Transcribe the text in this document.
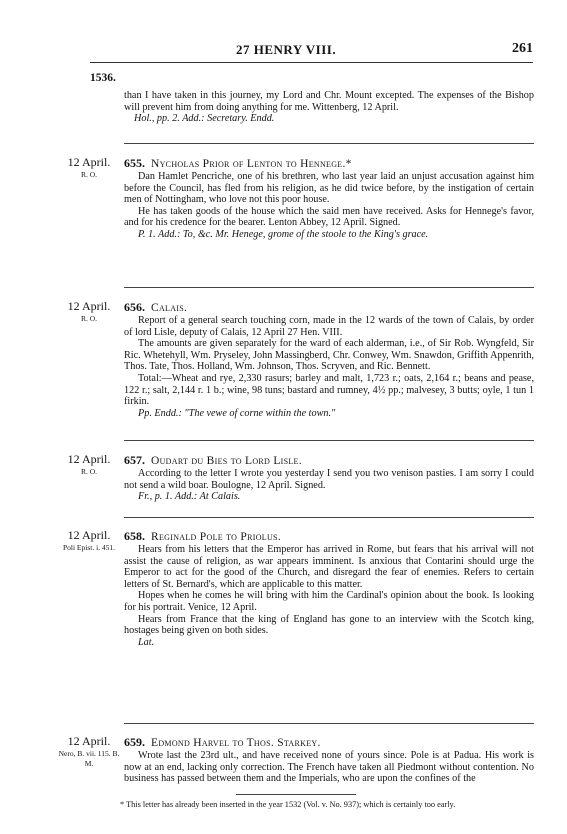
27 HENRY VIII.	261
1536.

than I have taken in this journey, my Lord and Chr. Mount excepted. The expenses of the Bishop will prevent him from doing anything for me. Wittenberg, 12 April.

Hol., pp. 2. Add.: Secretary. Endd.

12 April.
R. O.
655. Nycholas Prior of Lenton to Hennege.*

Dan Hamlet Pencriche, one of his brethren, who last year laid an unjust accusation against him before the Council, has fled from his religion, as he did twice before, by the instigation of certain men of Nottingham, who love not this poor house.

He has taken goods of the house which the said men have received. Asks for Hennege's favor, and for his credence for the bearer. Lenton Abbey, 12 April. Signed.

P. 1. Add.: To, &c. Mr. Henege, grome of the stoole to the King's grace.

12 April.
R. O.
656. Calais.

Report of a general search touching corn, made in the 12 wards of the town of Calais, by order of lord Lisle, deputy of Calais, 12 April 27 Hen. VIII.

The amounts are given separately for the ward of each alderman, i.e., of Sir Rob. Wyngfeld, Sir Ric. Whetehyll, Wm. Pryseley, John Massingberd, Chr. Conwey, Wm. Snawdon, Griffith Appenrith, Thos. Tate, Thos. Holland, Wm. Johnson, Thos. Scryven, and Ric. Bennett.

Total:—Wheat and rye, 2,330 rasurs; barley and malt, 1,723 r.; oats, 2,164 r.; beans and pease, 122 r.; salt, 2,144 r. 1 b.; wine, 98 tuns; bastard and rumney, 4½ pp.; malvesey, 3 butts; oyle, 1 tun 1 firkin.

Pp. Endd.: "The vewe of corne within the town."

12 April.
R. O.
657. Oudart du Bies to Lord Lisle.

According to the letter I wrote you yesterday I send you two venison pasties. I am sorry I could not send a wild boar. Boulogne, 12 April. Signed.

Fr., p. 1. Add.: At Calais.

12 April.
Poli Epist. i. 451.
658. Reginald Pole to Priolus.

Hears from his letters that the Emperor has arrived in Rome, but fears that his arrival will not assist the cause of religion, as war appears imminent. Is anxious that Contarini should urge the Emperor to act for the good of the Church, and disregard the fear of enemies. Refers to certain letters of St. Bernard's, which are applicable to this matter.

Hopes when he comes he will bring with him the Cardinal's opinion about the book. Is looking for his portrait. Venice, 12 April.

Hears from France that the king of England has gone to an interview with the Scotch king, hostages being given on both sides.

Lat.

12 April.
Nero, B. vii. 115. B. M.
659. Edmond Harvel to Thos. Starkey.

Wrote last the 23rd ult., and have received none of yours since. Pole is at Padua. His work is now at an end, lacking only correction. The French have taken all Piedmont without contention. No business has passed between them and the Imperials, who are upon the confines of the

* This letter has already been inserted in the year 1532 (Vol. v. No. 937); which is certainly too early.
